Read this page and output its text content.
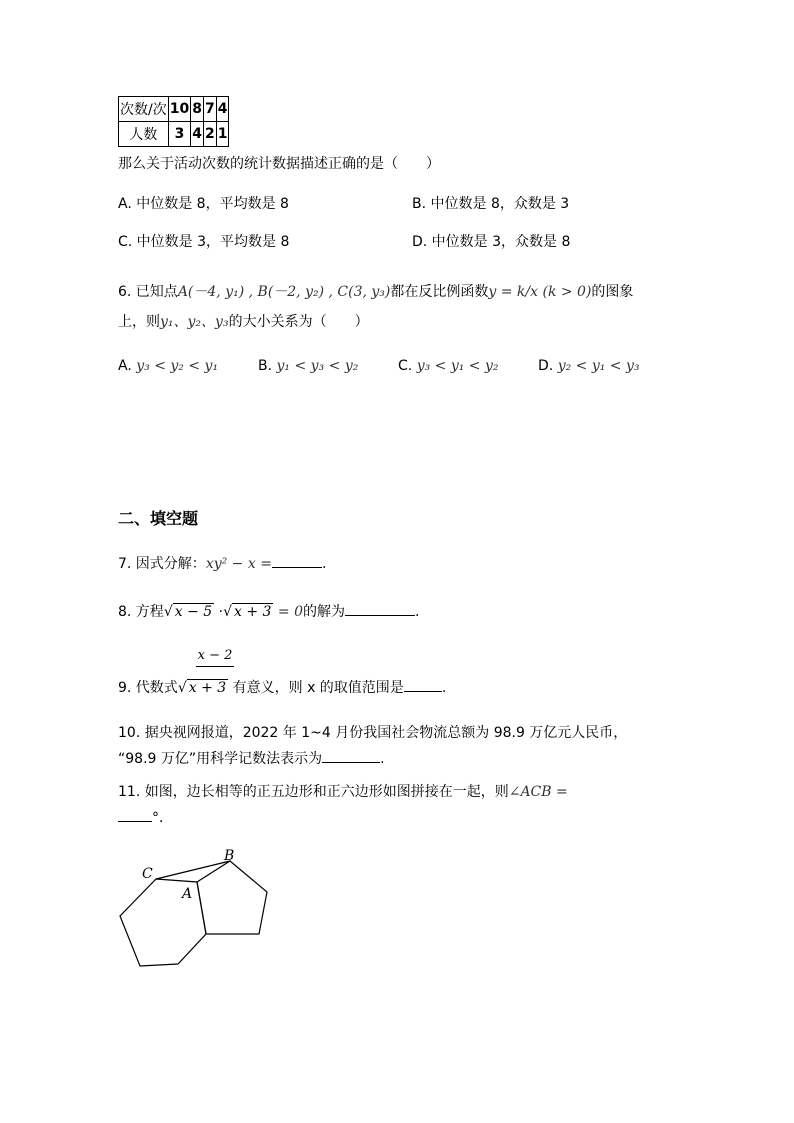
次数/次	10	8	7	4
人数	3	4	2	1
那么关于活动次数的统计数据描述正确的是（　　）
A. 中位数是 8，平均数是 8	B. 中位数是 8，众数是 3
C. 中位数是 3，平均数是 8	D. 中位数是 3，众数是 8
6. 已知点A(－4, y₁) , B(－2, y₂) , C(3, y₃)都在反比例函数y = k/x (k > 0)的图象
上，则y₁、y₂、y₃的大小关系为（　　）
A. y₃ < y₂ < y₁	B. y₁ < y₃ < y₂	C. y₃ < y₁ < y₂	D. y₂ < y₁ < y₃
二、填空题
7. 因式分解：xy² − x =	.
8. 方程√ x − 5 ·√ x + 3 = 0的解为	.
x − 2
9. 代数式√ x + 3 有意义，则 x 的取值范围是	.
10. 据央视网报道，2022 年 1~4 月份我国社会物流总额为 98.9 万亿元人民币，
“98.9 万亿”用科学记数法表示为	.
11. 如图，边长相等的正五边形和正六边形如图拼接在一起，则∠ACB =
°．
C
B
A
